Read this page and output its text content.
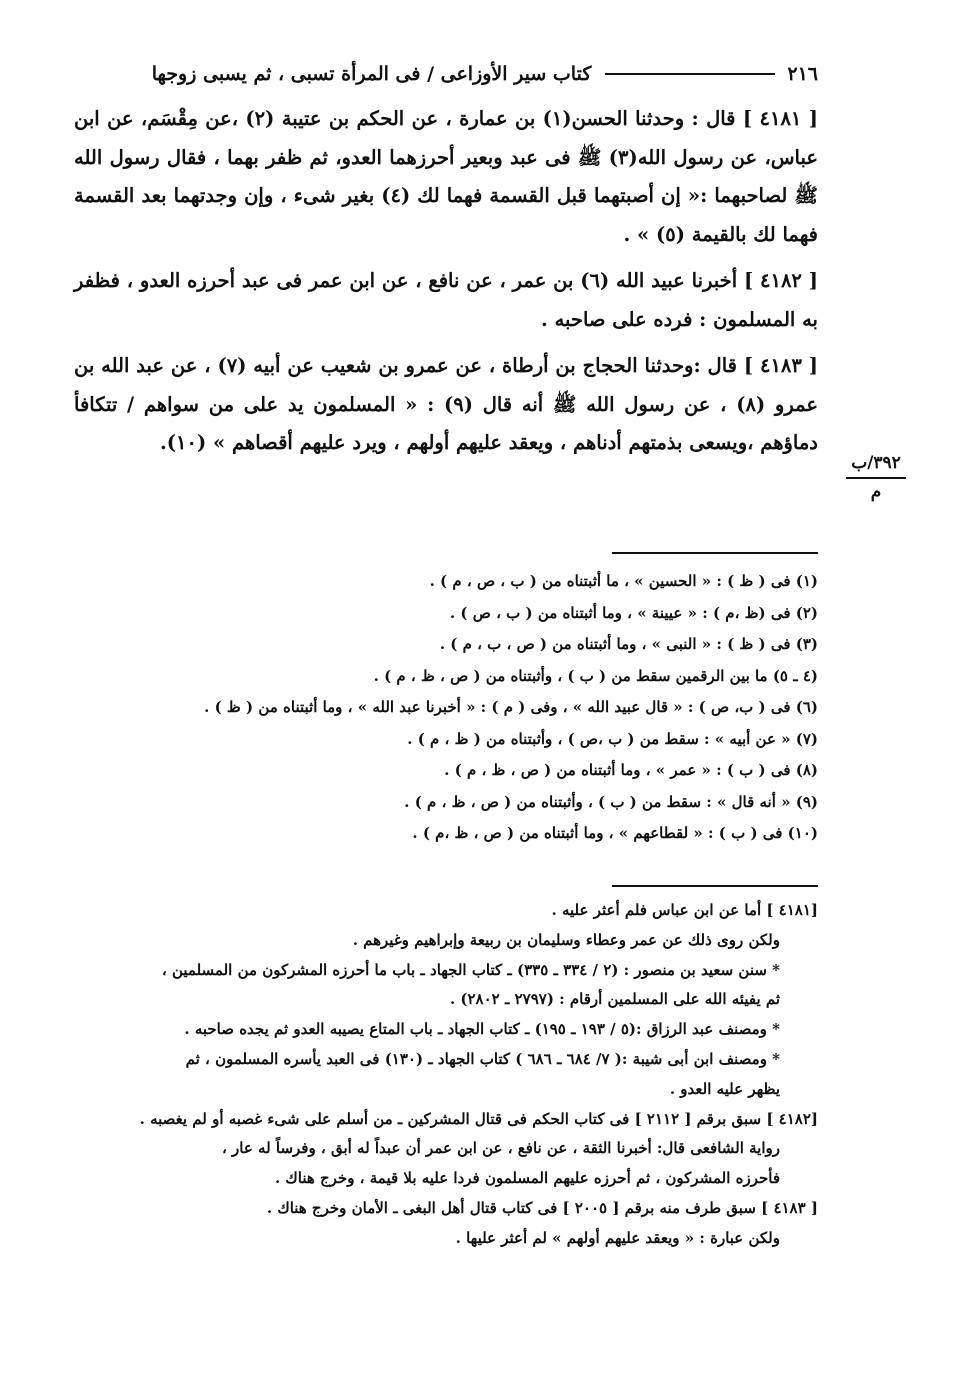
٢١٦
كتاب سير الأوزاعى / فى المرأة تسبى ، ثم يسبى زوجها

[ ٤١٨١ ] قال : وحدثنا الحسن(١) بن عمارة ، عن الحكم بن عتيبة (٢) ،عن مِقْسَم، عن ابن عباس، عن رسول الله(٣) ﷺ فى عبد وبعير أحرزهما العدو، ثم ظفر بهما ، فقال رسول الله ﷺ لصاحبهما :« إن أصبتهما قبل القسمة فهما لك (٤) بغير شىء ، وإن وجدتهما بعد القسمة فهما لك بالقيمة (٥) » .

[ ٤١٨٢ ] أخبرنا عبيد الله (٦) بن عمر ، عن نافع ، عن ابن عمر فى عبد أحرزه العدو ، فظفر به المسلمون : فرده على صاحبه .

[ ٤١٨٣ ] قال :وحدثنا الحجاج بن أرطاة ، عن عمرو بن شعيب عن أبيه (٧) ، عن عبد الله بن عمرو (٨) ، عن رسول الله ﷺ أنه قال (٩) : « المسلمون يد على من سواهم / تتكافأ دماؤهم ،ويسعى بذمتهم أدناهم ، ويعقد عليهم أولهم ، ويرد عليهم أقصاهم » (١٠).

٣٩٢/ب
م
(١) فى ( ظ ) : « الحسين » ، ما أثبتناه من ( ب ، ص ، م ) .
(٢) فى (ظ ،م ) : « عيينة » ، وما أثبتناه من ( ب ، ص ) .
(٣) فى ( ظ ) : « النبى » ، وما أثبتناه من ( ص ، ب ، م ) .
(٤ ـ ٥) ما بين الرقمين سقط من ( ب ) ، وأثبتناه من ( ص ، ظ ، م ) .
(٦) فى ( ب، ص ) : « قال عبيد الله » ، وفى ( م ) : « أخبرنا عبد الله » ، وما أثبتناه من ( ظ ) .
(٧) « عن أبيه » : سقط من ( ب ،ص ) ، وأثبتناه من ( ظ ، م ) .
(٨) فى ( ب ) : « عمر » ، وما أثبتناه من ( ص ، ظ ، م ) .
(٩) « أنه قال » : سقط من ( ب ) ، وأثبتناه من ( ص ، ظ ، م ) .
(١٠) فى ( ب ) : « لقطاعهم » ، وما أثبتناه من ( ص ، ظ ،م ) .
[٤١٨١ ] أما عن ابن عباس فلم أعثر عليه .
ولكن روى ذلك عن عمر وعطاء وسليمان بن ربيعة وإبراهيم وغيرهم .
* سنن سعيد بن منصور : (٢ / ٣٣٤ ـ ٣٣٥) ـ كتاب الجهاد ـ باب ما أحرزه المشركون من المسلمين ،
ثم يفيئه الله على المسلمين أرقام : (٢٧٩٧ ـ ٢٨٠٢) .
* ومصنف عبد الرزاق :(٥ / ١٩٣ ـ ١٩٥) ـ كتاب الجهاد ـ باب المتاع يصيبه العدو ثم يجده صاحبه .
* ومصنف ابن أبى شيبة :( ٧/ ٦٨٤ ـ ٦٨٦ ) كتاب الجهاد ـ (١٣٠) فى العبد يأسره المسلمون ، ثم
يظهر عليه العدو .
[٤١٨٢ ] سبق برقم [ ٢١١٢ ] فى كتاب الحكم فى قتال المشركين ـ من أسلم على شىء غصبه أو لم يغصبه .
رواية الشافعى قال: أخبرنا الثقة ، عن نافع ، عن ابن عمر أن عبداً له أبق ، وفرساً له عار ،
فأحرزه المشركون ، ثم أحرزه عليهم المسلمون فردا عليه بلا قيمة ، وخرج هناك .
[ ٤١٨٣ ] سبق طرف منه برقم [ ٢٠٠٥ ] فى كتاب قتال أهل البغى ـ الأمان وخرج هناك .
ولكن عبارة : « ويعقد عليهم أولهم » لم أعثر عليها .
